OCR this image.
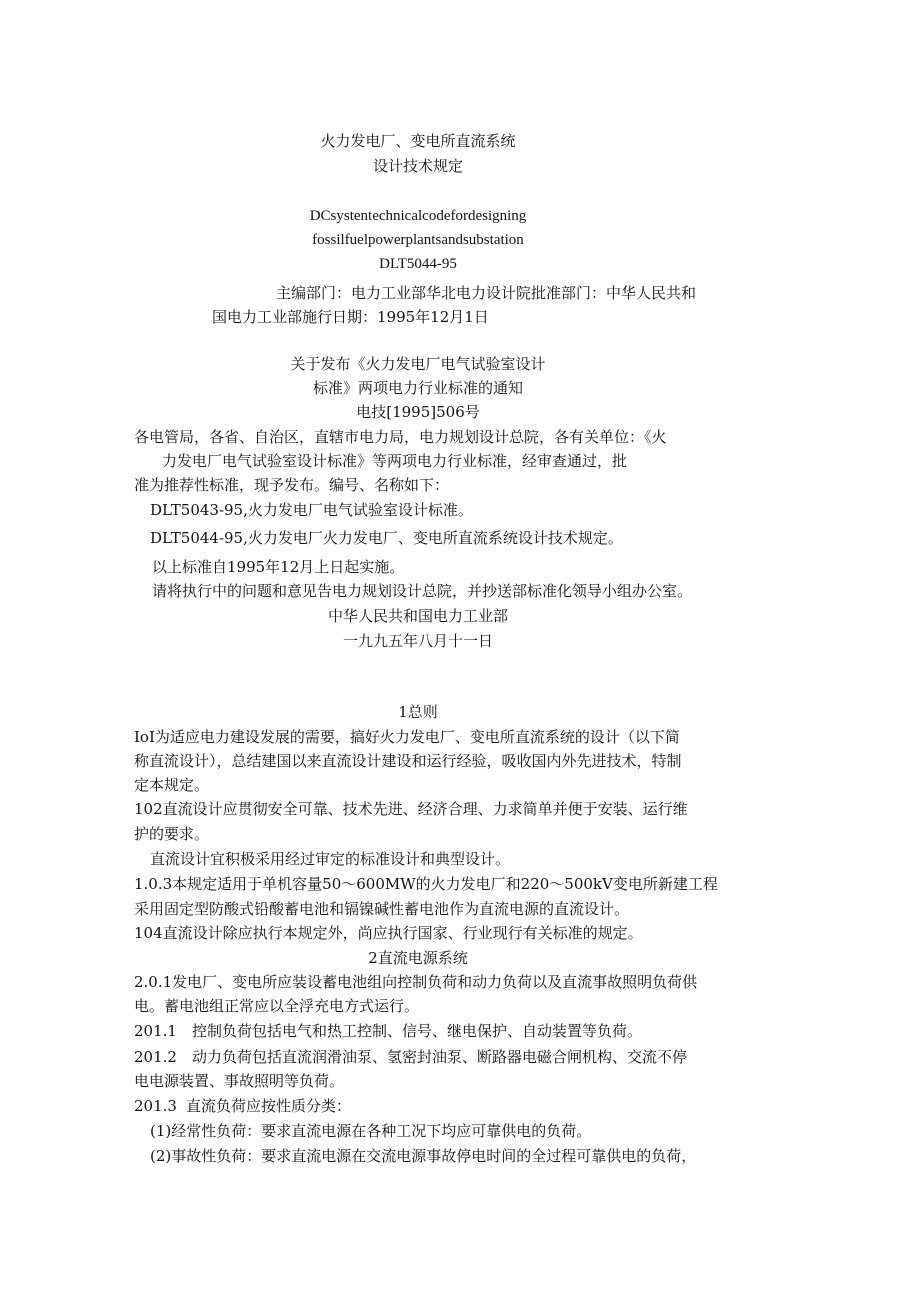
火力发电厂、变电所直流系统
设计技术规定
DCsystentechnicalcodefordesigning
fossilfuelpowerplantsandsubstation
DLT5044-95
主编部门：电力工业部华北电力设计院批准部门：中华人民共和
国电力工业部施行日期：1995年12月1日
关于发布《火力发电厂电气试验室设计
标准》两项电力行业标准的通知
电技[1995]506号
各电管局，各省、自治区，直辖市电力局，电力规划设计总院，各有关单位：《火
力发电厂电气试验室设计标准》等两项电力行业标准，经审查通过，批
准为推荐性标准，现予发布。编号、名称如下：
DLT5043-95,火力发电厂电气试验室设计标准。
DLT5044-95,火力发电厂火力发电厂、变电所直流系统设计技术规定。
以上标准自1995年12月上日起实施。
请将执行中的问题和意见告电力规划设计总院，并抄送部标准化领导小组办公室。
中华人民共和国电力工业部
一九九五年八月十一日
1总则
IoI为适应电力建设发展的需要，搞好火力发电厂、变电所直流系统的设计（以下简
称直流设计），总结建国以来直流设计建设和运行经验，吸收国内外先进技术，特制
定本规定。
102直流设计应贯彻安全可靠、技术先进、经济合理、力求简单并便于安装、运行维
护的要求。
直流设计宜积极采用经过审定的标准设计和典型设计。
1.0.3本规定适用于单机容量50～600MW的火力发电厂和220～500kV变电所新建工程
采用固定型防酸式铅酸蓄电池和镉镍碱性蓄电池作为直流电源的直流设计。
104直流设计除应执行本规定外，尚应执行国家、行业现行有关标准的规定。
2直流电源系统
2.0.1发电厂、变电所应装设蓄电池组向控制负荷和动力负荷以及直流事故照明负荷供
电。蓄电池组正常应以全浮充电方式运行。
201.1 控制负荷包括电气和热工控制、信号、继电保护、自动装置等负荷。
201.2 动力负荷包括直流润滑油泵、氢密封油泵、断路器电磁合闸机构、交流不停
电电源装置、事故照明等负荷。
201.3 直流负荷应按性质分类：
(1)经常性负荷：要求直流电源在各种工况下均应可靠供电的负荷。
(2)事故性负荷：要求直流电源在交流电源事故停电时间的全过程可靠供电的负荷，
